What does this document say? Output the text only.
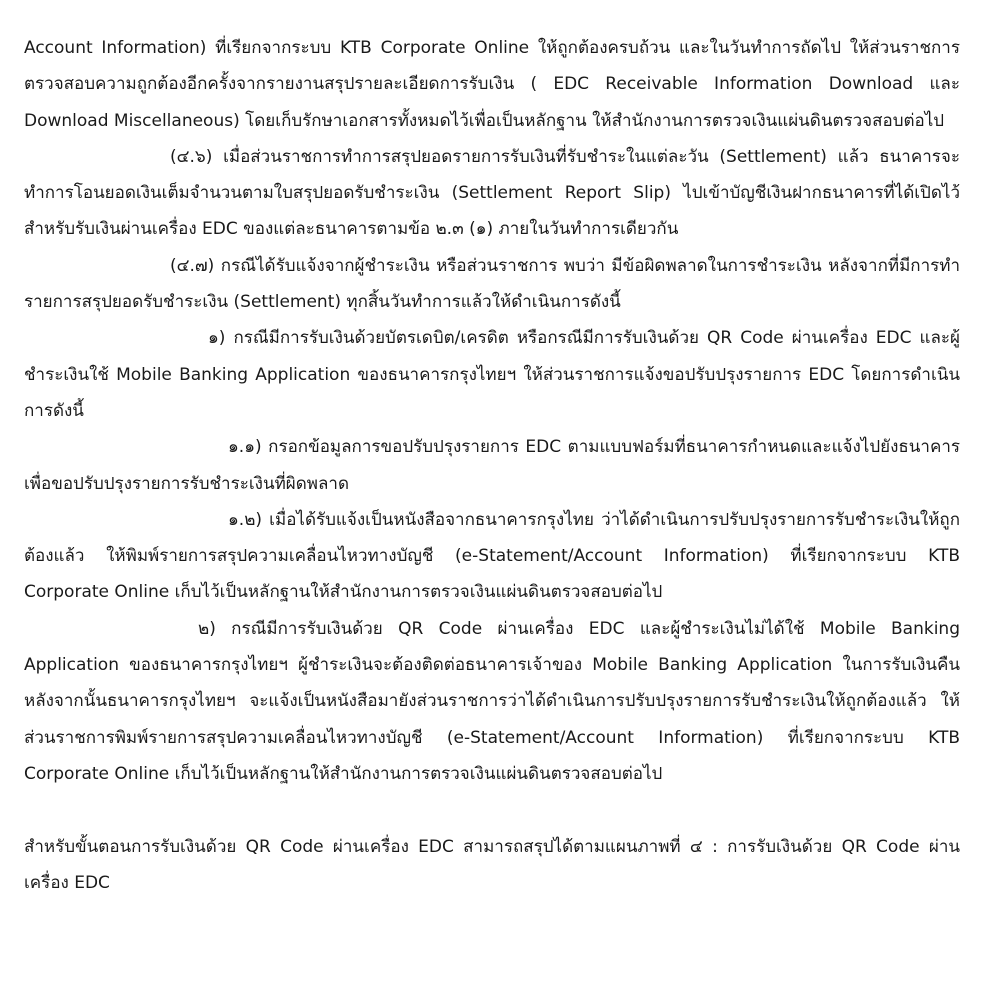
Account Information) ที่เรียกจากระบบ KTB Corporate Online ให้ถูกต้องครบถ้วน และในวันทำการถัดไป ให้ส่วนราชการตรวจสอบความถูกต้องอีกครั้งจากรายงานสรุปรายละเอียดการรับเงิน ( EDC Receivable Information Download และ Download Miscellaneous) โดยเก็บรักษาเอกสารทั้งหมดไว้เพื่อเป็นหลักฐาน ให้สำนักงานการตรวจเงินแผ่นดินตรวจสอบต่อไป

(๔.๖) เมื่อส่วนราชการทำการสรุปยอดรายการรับเงินที่รับชำระในแต่ละวัน (Settlement) แล้ว ธนาคารจะทำการโอนยอดเงินเต็มจำนวนตามใบสรุปยอดรับชำระเงิน (Settlement Report Slip) ไปเข้าบัญชีเงินฝากธนาคารที่ได้เปิดไว้สำหรับรับเงินผ่านเครื่อง EDC ของแต่ละธนาคารตามข้อ ๒.๓ (๑) ภายในวันทำการเดียวกัน

(๔.๗) กรณีได้รับแจ้งจากผู้ชำระเงิน หรือส่วนราชการ พบว่า มีข้อผิดพลาดในการชำระเงิน หลังจากที่มีการทำรายการสรุปยอดรับชำระเงิน (Settlement) ทุกสิ้นวันทำการแล้วให้ดำเนินการดังนี้

๑) กรณีมีการรับเงินด้วยบัตรเดบิต/เครดิต หรือกรณีมีการรับเงินด้วย QR Code ผ่านเครื่อง EDC และผู้ชำระเงินใช้ Mobile Banking Application ของธนาคารกรุงไทยฯ ให้ส่วนราชการแจ้งขอปรับปรุงรายการ EDC โดยการดำเนินการดังนี้

๑.๑) กรอกข้อมูลการขอปรับปรุงรายการ EDC ตามแบบฟอร์มที่ธนาคารกำหนดและแจ้งไปยังธนาคารเพื่อขอปรับปรุงรายการรับชำระเงินที่ผิดพลาด

๑.๒) เมื่อได้รับแจ้งเป็นหนังสือจากธนาคารกรุงไทย ว่าได้ดำเนินการปรับปรุงรายการรับชำระเงินให้ถูกต้องแล้ว ให้พิมพ์รายการสรุปความเคลื่อนไหวทางบัญชี (e-Statement/Account Information) ที่เรียกจากระบบ KTB Corporate Online เก็บไว้เป็นหลักฐานให้สำนักงานการตรวจเงินแผ่นดินตรวจสอบต่อไป

๒) กรณีมีการรับเงินด้วย QR Code ผ่านเครื่อง EDC และผู้ชำระเงินไม่ได้ใช้ Mobile Banking Application ของธนาคารกรุงไทยฯ ผู้ชำระเงินจะต้องติดต่อธนาคารเจ้าของ Mobile Banking Application ในการรับเงินคืน หลังจากนั้นธนาคารกรุงไทยฯ จะแจ้งเป็นหนังสือมายังส่วนราชการว่าได้ดำเนินการปรับปรุงรายการรับชำระเงินให้ถูกต้องแล้ว ให้ส่วนราชการพิมพ์รายการสรุปความเคลื่อนไหวทางบัญชี (e-Statement/Account Information) ที่เรียกจากระบบ KTB Corporate Online เก็บไว้เป็นหลักฐานให้สำนักงานการตรวจเงินแผ่นดินตรวจสอบต่อไป

สำหรับขั้นตอนการรับเงินด้วย QR Code ผ่านเครื่อง EDC สามารถสรุปได้ตามแผนภาพที่ ๔ : การรับเงินด้วย QR Code ผ่านเครื่อง EDC
